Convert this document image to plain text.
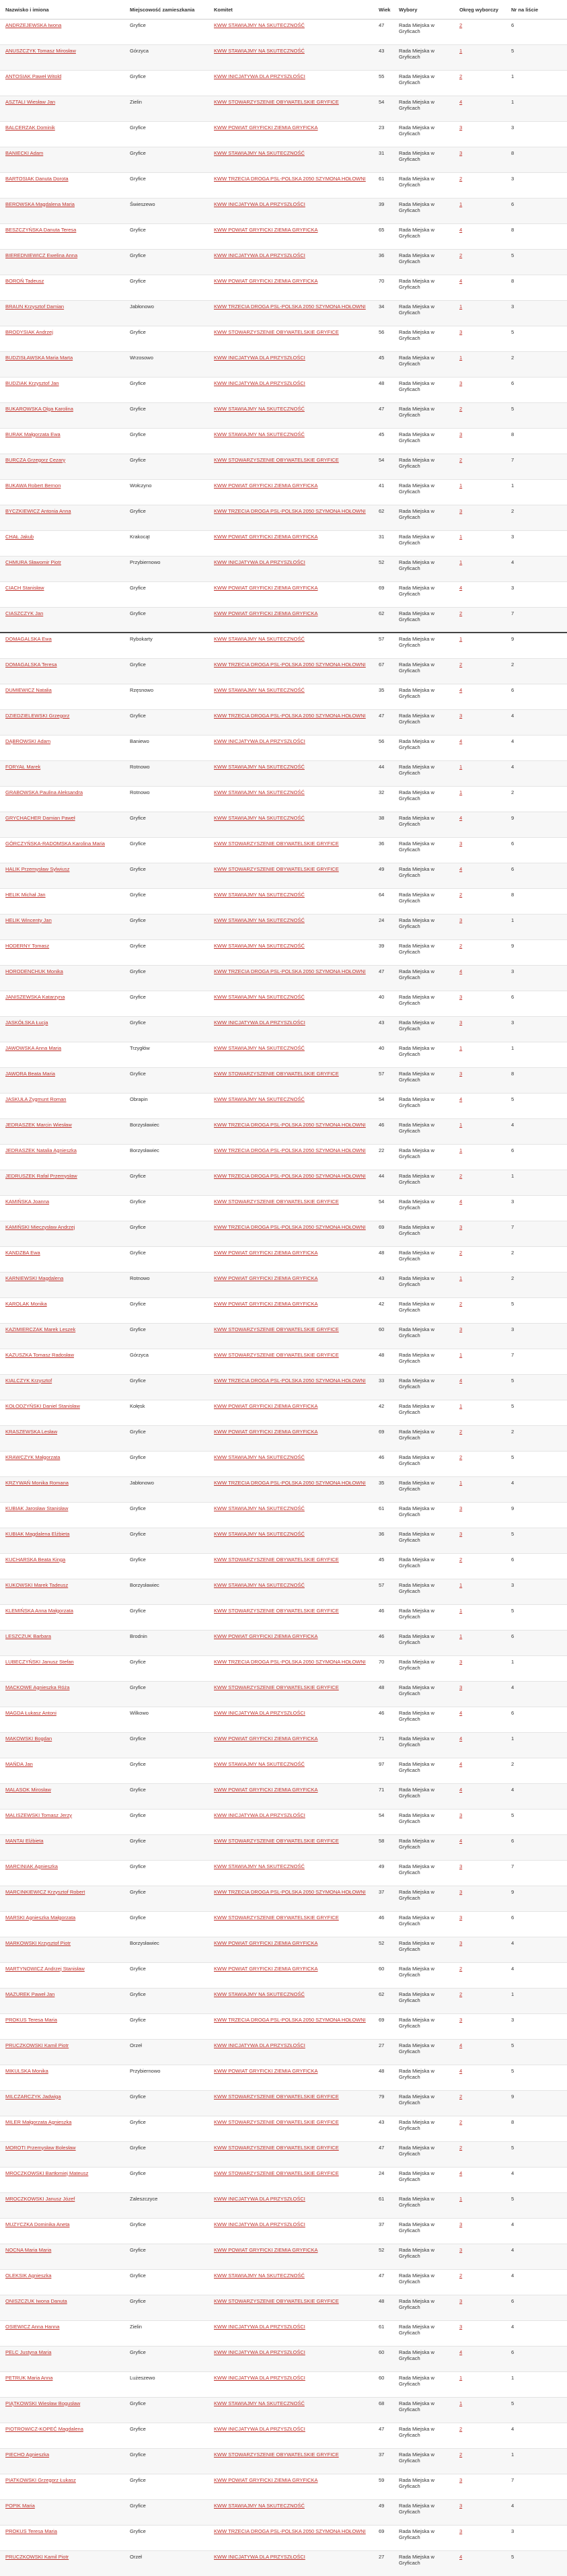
Nazwisko i imiona	Miejscowość zamieszkania	Komitet	Wiek	Wybory	Okręg wyborczy	Nr na liście
ANDRZEJEWSKA Iwona	Gryfice	KWW STAWIAJMY NA SKUTECZNOŚĆ	47	Rada Miejska w Gryficach	2	6
ANUSZCZYK Tomasz Mirosław	Górzyca	KWW STAWIAJMY NA SKUTECZNOŚĆ	43	Rada Miejska w Gryficach	1	5
ANTOSIAK Paweł Witold	Gryfice	KWW INICJATYWA DLA PRZYSZŁOŚCI	55	Rada Miejska w Gryficach	2	1
ASZTALI Wiesław Jan	Zielin	KWW STOWARZYSZENIE OBYWATELSKIE GRYFICE	54	Rada Miejska w Gryficach	4	1
BALCERZAK Dominik	Gryfice	KWW POWIAT GRYFICKI ZIEMIA GRYFICKA	23	Rada Miejska w Gryficach	3	3
BANIECKI Adam	Gryfice	KWW STAWIAJMY NA SKUTECZNOŚĆ	31	Rada Miejska w Gryficach	3	8
BARTOSIAK Danuta Dorota	Gryfice	KWW TRZECIA DROGA PSL-POLSKA 2050 SZYMONA HOŁOWNI	61	Rada Miejska w Gryficach	2	3
BEROWSKA Magdalena Maria	Świeszewo	KWW INICJATYWA DLA PRZYSZŁOŚCI	39	Rada Miejska w Gryficach	1	6
BESZCZYŃSKA Danuta Teresa	Gryfice	KWW POWIAT GRYFICKI ZIEMIA GRYFICKA	65	Rada Miejska w Gryficach	4	8
BIEREDNIEWICZ Ewelina Anna	Gryfice	KWW INICJATYWA DLA PRZYSZŁOŚCI	36	Rada Miejska w Gryficach	2	5
BOROŃ Tadeusz	Gryfice	KWW POWIAT GRYFICKI ZIEMIA GRYFICKA	70	Rada Miejska w Gryficach	4	8
BRAUN Krzysztof Damian	Jabłonowo	KWW TRZECIA DROGA PSL-POLSKA 2050 SZYMONA HOŁOWNI	34	Rada Miejska w Gryficach	1	3
BRODYSIAK Andrzej	Gryfice	KWW STOWARZYSZENIE OBYWATELSKIE GRYFICE	56	Rada Miejska w Gryficach	3	5
BUDZISŁAWSKA Maria Marta	Wrzosowo	KWW INICJATYWA DLA PRZYSZŁOŚCI	45	Rada Miejska w Gryficach	1	2
BUDZIAK Krzysztof Jan	Gryfice	KWW INICJATYWA DLA PRZYSZŁOŚCI	48	Rada Miejska w Gryficach	3	6
BUKAROWSKA Olga Karolina	Gryfice	KWW STAWIAJMY NA SKUTECZNOŚĆ	47	Rada Miejska w Gryficach	2	5
BURAK Małgorzata Ewa	Gryfice	KWW STAWIAJMY NA SKUTECZNOŚĆ	45	Rada Miejska w Gryficach	3	8
BURCZA Grzegorz Cezary	Gryfice	KWW STOWARZYSZENIE OBYWATELSKIE GRYFICE	54	Rada Miejska w Gryficach	2	7
BUKAWA Robert Bernon	Wołczyno	KWW POWIAT GRYFICKI ZIEMIA GRYFICKA	41	Rada Miejska w Gryficach	1	1
BYCZKIEWICZ Antonia Anna	Gryfice	KWW TRZECIA DROGA PSL-POLSKA 2050 SZYMONA HOŁOWNI	62	Rada Miejska w Gryficach	3	2
CHAŁ Jakub	Krakocąt	KWW POWIAT GRYFICKI ZIEMIA GRYFICKA	31	Rada Miejska w Gryficach	1	3
CHMURA Sławomir Piotr	Przybiernowo	KWW INICJATYWA DLA PRZYSZŁOŚCI	52	Rada Miejska w Gryficach	1	4
CIACH Stanisław	Gryfice	KWW POWIAT GRYFICKI ZIEMIA GRYFICKA	69	Rada Miejska w Gryficach	4	3
CIASZCZYK Jan	Gryfice	KWW POWIAT GRYFICKI ZIEMIA GRYFICKA	62	Rada Miejska w Gryficach	2	7
DOMAGALSKA Ewa	Rybokarty	KWW STAWIAJMY NA SKUTECZNOŚĆ	57	Rada Miejska w Gryficach	1	9
DOMAGALSKA Teresa	Gryfice	KWW TRZECIA DROGA PSL-POLSKA 2050 SZYMONA HOŁOWNI	67	Rada Miejska w Gryficach	2	2
DUMIEWICZ Natalia	Rzęsnowo	KWW STAWIAJMY NA SKUTECZNOŚĆ	35	Rada Miejska w Gryficach	4	6
DZIEDZIELEWSKI Grzegorz	Gryfice	KWW TRZECIA DROGA PSL-POLSKA 2050 SZYMONA HOŁOWNI	47	Rada Miejska w Gryficach	3	4
DĄBROWSKI Adam	Baniewo	KWW INICJATYWA DLA PRZYSZŁOŚCI	56	Rada Miejska w Gryficach	4	4
FORYAŁ Marek	Rotnowo	KWW STAWIAJMY NA SKUTECZNOŚĆ	44	Rada Miejska w Gryficach	1	4
GRABOWSKA Paulina Aleksandra	Rotnowo	KWW STAWIAJMY NA SKUTECZNOŚĆ	32	Rada Miejska w Gryficach	1	2
GRYCHACHER Damian Paweł	Gryfice	KWW STAWIAJMY NA SKUTECZNOŚĆ	38	Rada Miejska w Gryficach	4	9
GÓRCZYŃSKA-RADOMSKA Karolina Maria	Gryfice	KWW STOWARZYSZENIE OBYWATELSKIE GRYFICE	36	Rada Miejska w Gryficach	3	6
HALIK Przemysław Sylwiusz	Gryfice	KWW STOWARZYSZENIE OBYWATELSKIE GRYFICE	49	Rada Miejska w Gryficach	4	6
HELIK Michał Jan	Gryfice	KWW STAWIAJMY NA SKUTECZNOŚĆ	64	Rada Miejska w Gryficach	2	8
HELIK Wincenty Jan	Gryfice	KWW STAWIAJMY NA SKUTECZNOŚĆ	24	Rada Miejska w Gryficach	3	1
HODERNY Tomasz	Gryfice	KWW STAWIAJMY NA SKUTECZNOŚĆ	39	Rada Miejska w Gryficach	2	9
HORODENCHUK Monika	Gryfice	KWW TRZECIA DROGA PSL-POLSKA 2050 SZYMONA HOŁOWNI	47	Rada Miejska w Gryficach	4	3
JANISZEWSKA Katarzyna	Gryfice	KWW STAWIAJMY NA SKUTECZNOŚĆ	40	Rada Miejska w Gryficach	3	6
JASKÓŁSKA Łucja	Gryfice	KWW INICJATYWA DLA PRZYSZŁOŚCI	43	Rada Miejska w Gryficach	3	3
JAWOWSKA Anna Maria	Trzygłów	KWW STAWIAJMY NA SKUTECZNOŚĆ	40	Rada Miejska w Gryficach	1	1
JAWORA Beata Maria	Gryfice	KWW STOWARZYSZENIE OBYWATELSKIE GRYFICE	57	Rada Miejska w Gryficach	3	8
JASKUŁA Zygmunt Roman	Obrapin	KWW STAWIAJMY NA SKUTECZNOŚĆ	54	Rada Miejska w Gryficach	4	5
JEDRASZEK Marcin Wiesław	Borzysławiec	KWW TRZECIA DROGA PSL-POLSKA 2050 SZYMONA HOŁOWNI	46	Rada Miejska w Gryficach	1	4
JEDRASZEK Natalia Agnieszka	Borzysławiec	KWW TRZECIA DROGA PSL-POLSKA 2050 SZYMONA HOŁOWNI	22	Rada Miejska w Gryficach	1	6
JEDRUSZEK Rafał Przemysław	Gryfice	KWW TRZECIA DROGA PSL-POLSKA 2050 SZYMONA HOŁOWNI	44	Rada Miejska w Gryficach	2	1
KAMIŃSKA Joanna	Gryfice	KWW STOWARZYSZENIE OBYWATELSKIE GRYFICE	54	Rada Miejska w Gryficach	4	3
KAMIŃSKI Mieczysław Andrzej	Gryfice	KWW TRZECIA DROGA PSL-POLSKA 2050 SZYMONA HOŁOWNI	69	Rada Miejska w Gryficach	3	7
KANDZBA Ewa	Gryfice	KWW POWIAT GRYFICKI ZIEMIA GRYFICKA	48	Rada Miejska w Gryficach	2	2
KARNIEWSKI Magdalena	Rotnowo	KWW POWIAT GRYFICKI ZIEMIA GRYFICKA	43	Rada Miejska w Gryficach	1	2
KAROLAK Monika	Gryfice	KWW POWIAT GRYFICKI ZIEMIA GRYFICKA	42	Rada Miejska w Gryficach	2	5
KAZIMIERCZAK Marek Leszek	Gryfice	KWW STOWARZYSZENIE OBYWATELSKIE GRYFICE	60	Rada Miejska w Gryficach	3	3
KAZUSZKA Tomasz Radosław	Górzyca	KWW STOWARZYSZENIE OBYWATELSKIE GRYFICE	48	Rada Miejska w Gryficach	1	7
KIALCZYK Krzysztof	Gryfice	KWW TRZECIA DROGA PSL-POLSKA 2050 SZYMONA HOŁOWNI	33	Rada Miejska w Gryficach	4	5
KOŁODZYŃSKI Daniel Stanisław	Kołęsk	KWW POWIAT GRYFICKI ZIEMIA GRYFICKA	42	Rada Miejska w Gryficach	1	5
KRASZEWSKA Lesław	Gryfice	KWW POWIAT GRYFICKI ZIEMIA GRYFICKA	69	Rada Miejska w Gryficach	2	2
KRAWCZYK Małgorzata	Gryfice	KWW STAWIAJMY NA SKUTECZNOŚĆ	46	Rada Miejska w Gryficach	2	5
KRZYWAŃ Monika Romana	Jabłonowo	KWW TRZECIA DROGA PSL-POLSKA 2050 SZYMONA HOŁOWNI	35	Rada Miejska w Gryficach	1	4
KUBIAK Jarosław Stanisław	Gryfice	KWW STAWIAJMY NA SKUTECZNOŚĆ	61	Rada Miejska w Gryficach	3	9
KUBIAK Magdalena Elżbieta	Gryfice	KWW STAWIAJMY NA SKUTECZNOŚĆ	36	Rada Miejska w Gryficach	3	5
KUCHARSKA Beata Kinga	Gryfice	KWW STOWARZYSZENIE OBYWATELSKIE GRYFICE	45	Rada Miejska w Gryficach	2	6
KUKOWSKI Marek Tadeusz	Borzysławiec	KWW STAWIAJMY NA SKUTECZNOŚĆ	57	Rada Miejska w Gryficach	1	3
KLEMIŃSKA Anna Małgorzata	Gryfice	KWW STOWARZYSZENIE OBYWATELSKIE GRYFICE	46	Rada Miejska w Gryficach	1	5
LESZCZUK Barbara	Brodnin	KWW POWIAT GRYFICKI ZIEMIA GRYFICKA	46	Rada Miejska w Gryficach	1	6
LUBECZYŃSKI Janusz Stefan	Gryfice	KWW TRZECIA DROGA PSL-POLSKA 2050 SZYMONA HOŁOWNI	70	Rada Miejska w Gryficach	3	1
MACKOWE Agnieszka Róża	Gryfice	KWW STOWARZYSZENIE OBYWATELSKIE GRYFICE	48	Rada Miejska w Gryficach	3	4
MAGDA Łukasz Antoni	Wilkowo	KWW INICJATYWA DLA PRZYSZŁOŚCI	46	Rada Miejska w Gryficach	4	6
MAKOWSKI Bogdan	Gryfice	KWW POWIAT GRYFICKI ZIEMIA GRYFICKA	71	Rada Miejska w Gryficach	4	1
MAŃDA Jan	Gryfice	KWW STAWIAJMY NA SKUTECZNOŚĆ	97	Rada Miejska w Gryficach	4	2
MALASOK Mirosław	Gryfice	KWW POWIAT GRYFICKI ZIEMIA GRYFICKA	71	Rada Miejska w Gryficach	4	4
MALISZEWSKI Tomasz Jerzy	Gryfice	KWW INICJATYWA DLA PRZYSZŁOŚCI	54	Rada Miejska w Gryficach	3	5
MANTAI Elżbieta	Gryfice	KWW STOWARZYSZENIE OBYWATELSKIE GRYFICE	58	Rada Miejska w Gryficach	4	6
MARCINIAK Agnieszka	Gryfice	KWW STAWIAJMY NA SKUTECZNOŚĆ	49	Rada Miejska w Gryficach	3	7
MARCINKIEWICZ Krzysztof Robert	Gryfice	KWW TRZECIA DROGA PSL-POLSKA 2050 SZYMONA HOŁOWNI	37	Rada Miejska w Gryficach	3	9
MARSKI Agnieszka Małgorzata	Gryfice	KWW STOWARZYSZENIE OBYWATELSKIE GRYFICE	46	Rada Miejska w Gryficach	3	6
MARKOWSKI Krzysztof Piotr	Borzysławiec	KWW POWIAT GRYFICKI ZIEMIA GRYFICKA	52	Rada Miejska w Gryficach	3	4
MARTYNOWICZ Andrzej Stanisław	Gryfice	KWW POWIAT GRYFICKI ZIEMIA GRYFICKA	60	Rada Miejska w Gryficach	2	4
MAZUREK Paweł Jan	Gryfice	KWW STAWIAJMY NA SKUTECZNOŚĆ	62	Rada Miejska w Gryficach	2	1
PROKUS Teresa Maria	Gryfice	KWW TRZECIA DROGA PSL-POLSKA 2050 SZYMONA HOŁOWNI	69	Rada Miejska w Gryficach	3	3
PRUCZKOWSKI Kamil Piotr	Orzeł	KWW INICJATYWA DLA PRZYSZŁOŚCI	27	Rada Miejska w Gryficach	4	5
MIKULSKA Monika	Przybiernowo	KWW POWIAT GRYFICKI ZIEMIA GRYFICKA	48	Rada Miejska w Gryficach	4	5
MILCZARCZYK Jadwiga	Gryfice	KWW STOWARZYSZENIE OBYWATELSKIE GRYFICE	79	Rada Miejska w Gryficach	2	9
MILER Małgorzata Agnieszka	Gryfice	KWW STOWARZYSZENIE OBYWATELSKIE GRYFICE	43	Rada Miejska w Gryficach	2	8
MOROTI Przemysław Bolesław	Gryfice	KWW STOWARZYSZENIE OBYWATELSKIE GRYFICE	47	Rada Miejska w Gryficach	2	5
MROCZKOWSKI Bartłomiej Mateusz	Gryfice	KWW STOWARZYSZENIE OBYWATELSKIE GRYFICE	24	Rada Miejska w Gryficach	4	4
MROCZKOWSKI Janusz Józef	Zaleszczyce	KWW INICJATYWA DLA PRZYSZŁOŚCI	61	Rada Miejska w Gryficach	1	5
MUZYCZKA Dominika Aneta	Gryfice	KWW INICJATYWA DLA PRZYSZŁOŚCI	37	Rada Miejska w Gryficach	3	4
NOCNA Maria Maria	Gryfice	KWW POWIAT GRYFICKI ZIEMIA GRYFICKA	52	Rada Miejska w Gryficach	3	4
OLEKSIK Agnieszka	Gryfice	KWW STAWIAJMY NA SKUTECZNOŚĆ	47	Rada Miejska w Gryficach	2	4
ONISZCZUK Iwona Danuta	Gryfice	KWW STOWARZYSZENIE OBYWATELSKIE GRYFICE	48	Rada Miejska w Gryficach	3	6
OSIEWICZ Anna Hanna	Zielin	KWW INICJATYWA DLA PRZYSZŁOŚCI	61	Rada Miejska w Gryficach	3	4
PELC Justyna Maria	Gryfice	KWW INICJATYWA DLA PRZYSZŁOŚCI	60	Rada Miejska w Gryficach	4	6
PETRUK Maria Anna	Lużeszewo	KWW INICJATYWA DLA PRZYSZŁOŚCI	60	Rada Miejska w Gryficach	1	1
PIĄTKOWSKI Wiesław Bogusław	Gryfice	KWW STAWIAJMY NA SKUTECZNOŚĆ	68	Rada Miejska w Gryficach	1	5
PIOTROWICZ-KOPEĆ Magdalena	Gryfice	KWW INICJATYWA DLA PRZYSZŁOŚCI	47	Rada Miejska w Gryficach	2	4
PIECHO Agnieszka	Gryfice	KWW STOWARZYSZENIE OBYWATELSKIE GRYFICE	37	Rada Miejska w Gryficach	2	1
PIATKOWSKI Grzegorz Łukasz	Gryfice	KWW POWIAT GRYFICKI ZIEMIA GRYFICKA	59	Rada Miejska w Gryficach	3	7
POPIK Maria	Gryfice	KWW STAWIAJMY NA SKUTECZNOŚĆ	49	Rada Miejska w Gryficach	3	4
PROKUS Teresa Maria	Gryfice	KWW TRZECIA DROGA PSL-POLSKA 2050 SZYMONA HOŁOWNI	69	Rada Miejska w Gryficach	3	3
PRUCZKOWSKI Kamil Piotr	Orzeł	KWW INICJATYWA DLA PRZYSZŁOŚCI	27	Rada Miejska w Gryficach	4	5
